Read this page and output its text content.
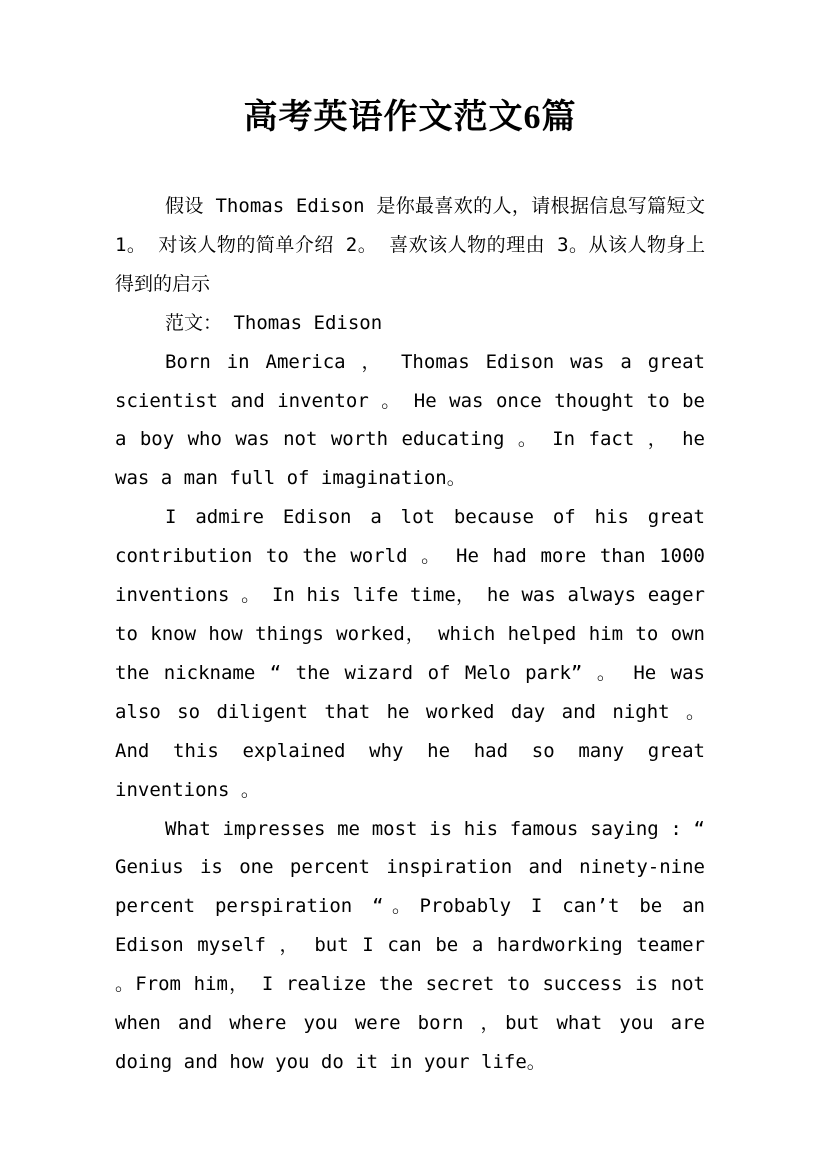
高考英语作文范文6篇

假设 Thomas Edison 是你最喜欢的人，请根据信息写篇短文 1。 对该人物的简单介绍 2。 喜欢该人物的理由 3。从该人物身上得到的启示

范文： Thomas Edison

Born in America ， Thomas Edison was a great scientist and inventor 。 He was once thought to be a boy who was not worth educating 。 In fact ， he was a man full of imagination。

I admire Edison a lot because of his great contribution to the world 。 He had more than 1000 inventions 。 In his life time， he was always eager to know how things worked， which helped him to own the nickname “ the wizard of Melo park” 。 He was also so diligent that he worked day and night 。 And this explained why he had so many great inventions 。

What impresses me most is his famous saying : “ Genius is one percent inspiration and ninety-nine percent perspiration “。Probably I can’t be an Edison myself ， but I can be a hardworking teamer 。From him， I realize the secret to success is not when and where you were born ，but what you are doing and how you do it in your life。
